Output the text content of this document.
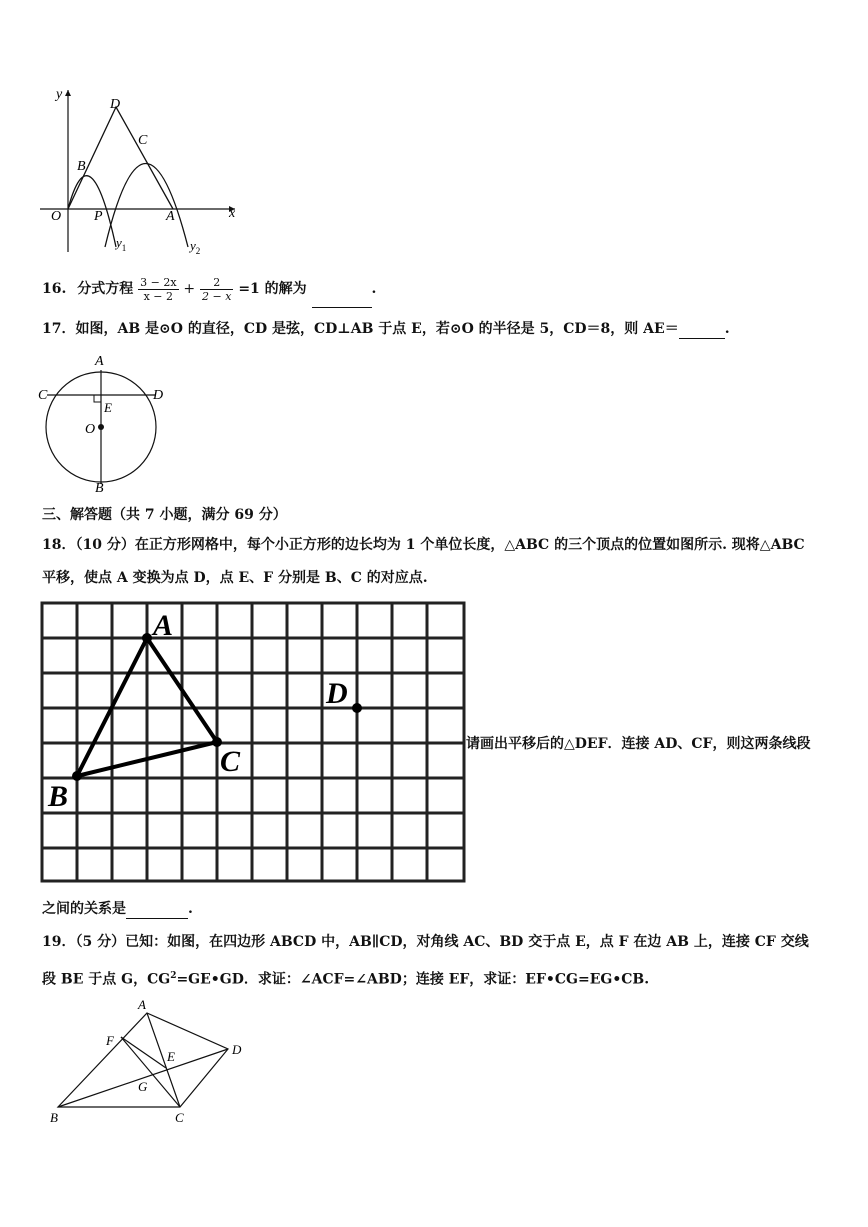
y
x
O P	A
B
C
D
$y_1$	$y_2$
16. 分式方程 $\frac{3 - 2x}{x - 2} + \frac{2}{2 - x} =1$ 的解为	.
17．如图，AB 是⊙O 的直径，CD 是弦，CD⊥AB 于点 E，若⊙O 的半径是 5，CD＝8，则 AE＝	.
A
B
C	D
E
O
三、解答题（共 7 小题，满分 69 分）
18．（10 分）在正方形网格中，每个小正方形的边长均为 1 个单位长度，△ABC 的三个顶点的位置如图所示. 现将△ABC
平移，使点 A 变换为点 D，点 E、F 分别是 B、C 的对应点.
A
C
B
D
请画出平移后的△DEF．连接 AD、CF，则这两条线段
之间的关系是	.
19．（5 分）已知：如图，在四边形 ABCD 中，AB∥CD，对角线 AC、BD 交于点 E，点 F 在边 AB 上，连接 CF 交线
段 BE 于点 G，$CG^2=GE•GD$．求证：∠ACF=∠ABD；连接 EF，求证：EF•CG=EG•CB.
A
D
C
B
F
E
G
